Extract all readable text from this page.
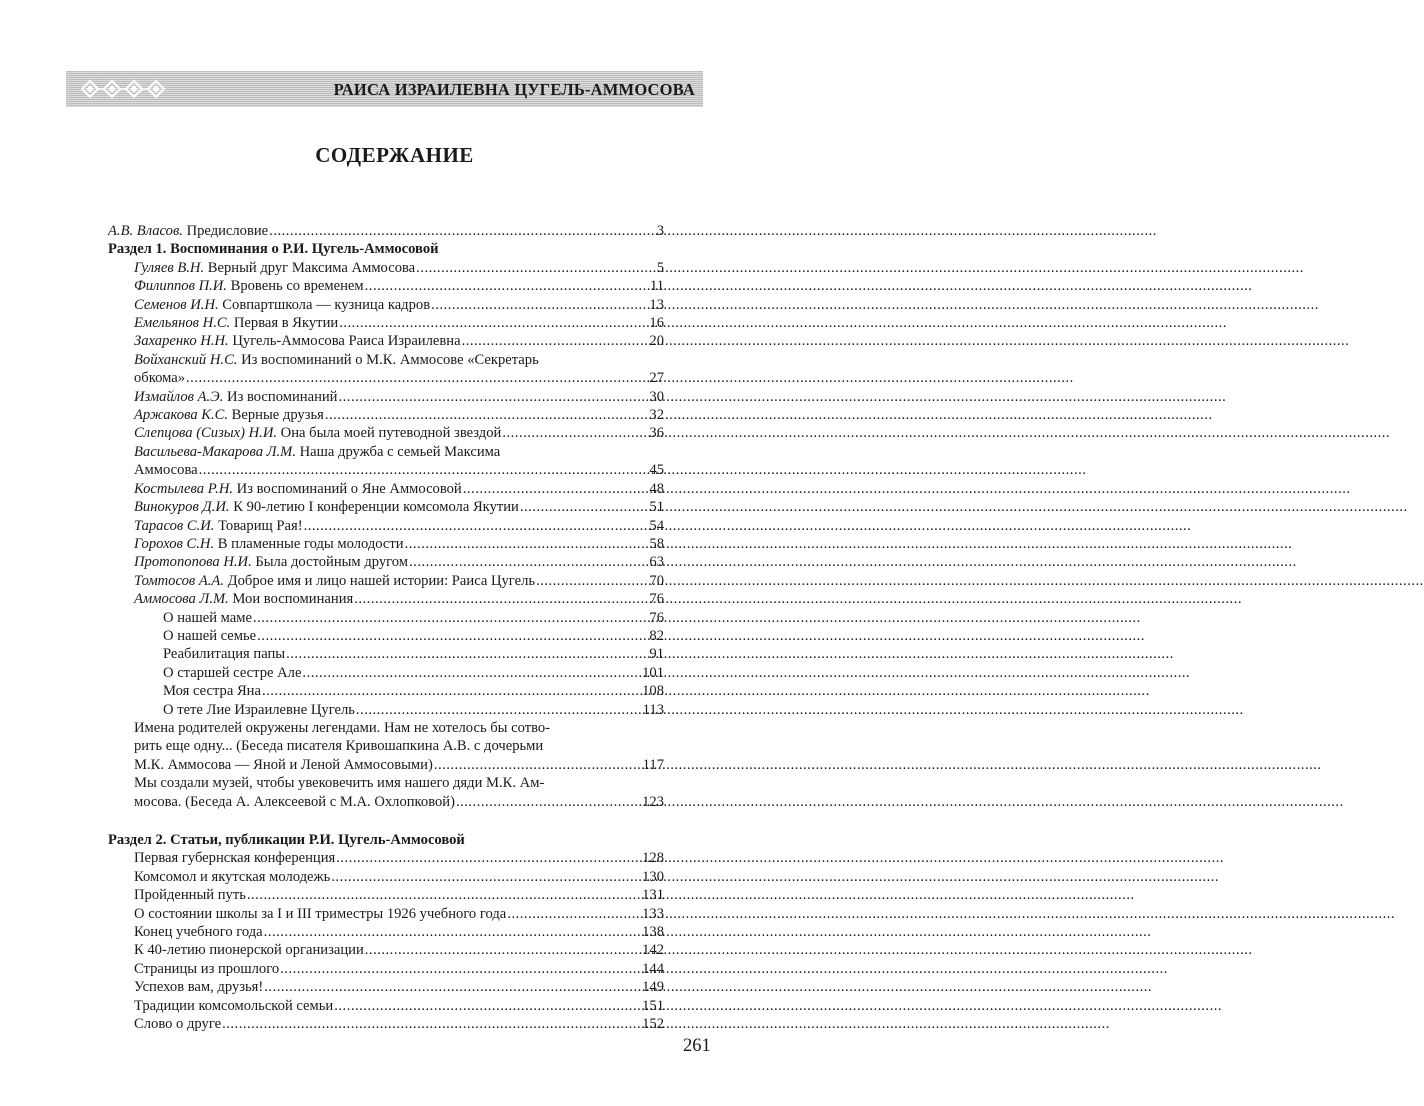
РАИСА ИЗРАИЛЕВНА ЦУГЕЛЬ-АММОСОВА
СОДЕРЖАНИЕ
А.В. Власов. Предисловие .....	3
Раздел 1. Воспоминания о Р.И. Цугель-Аммосовой
Гуляев В.Н. Верный друг Максима Аммосова .....	5
Филиппов П.И. Вровень со временем .....	11
Семенов И.Н. Совпартшкола — кузница кадров .....	13
Емельянов Н.С. Первая в Якутии .....	16
Захаренко Н.Н. Цугель-Аммосова Раиса Израилевна .....	20
Войханский Н.С. Из воспоминаний о М.К. Аммосове «Секретарь
обкома» .....	27
Измайлов А.Э. Из воспоминаний .....	30
Аржакова К.С. Верные друзья .....	32
Слепцова (Сизых) Н.И. Она была моей путеводной звездой .....	36
Васильева-Макарова Л.М. Наша дружба с семьей Максима
Аммосова .....	45
Костылева Р.Н. Из воспоминаний о Яне Аммосовой .....	48
Винокуров Д.И. К 90-летию I конференции комсомола Якутии .....	51
Тарасов С.И. Товарищ Рая! .....	54
Горохов С.Н. В пламенные годы молодости .....	58
Протопопова Н.И. Была достойным другом .....	63
Томтосов А.А. Доброе имя и лицо нашей истории: Раиса Цугель .....	70
Аммосова Л.М. Мои воспоминания .....	76
О нашей маме .....	76
О нашей семье .....	82
Реабилитация папы .....	91
О старшей сестре Але .....	101
Моя сестра Яна .....	108
О тете Лие Израилевне Цугель .....	113
Имена родителей окружены легендами. Нам не хотелось бы сотво-
рить еще одну... (Беседа писателя Кривошапкина А.В. с дочерьми
М.К. Аммосова — Яной и Леной Аммосовыми) .....	117
Мы создали музей, чтобы увековечить имя нашего дяди М.К. Ам-
мосова. (Беседа А. Алексеевой с М.А. Охлопковой) .....	123
Раздел 2. Статьи, публикации Р.И. Цугель-Аммосовой
Первая губернская конференция .....	128
Комсомол и якутская молодежь .....	130
Пройденный путь .....	131
О состоянии школы за I и III триместры 1926 учебного года .....	133
Конец учебного года .....	138
К 40-летию пионерской организации .....	142
Страницы из прошлого .....	144
Успехов вам, друзья! .....	149
Традиции комсомольской семьи .....	151
Слово о друге .....	152
261
